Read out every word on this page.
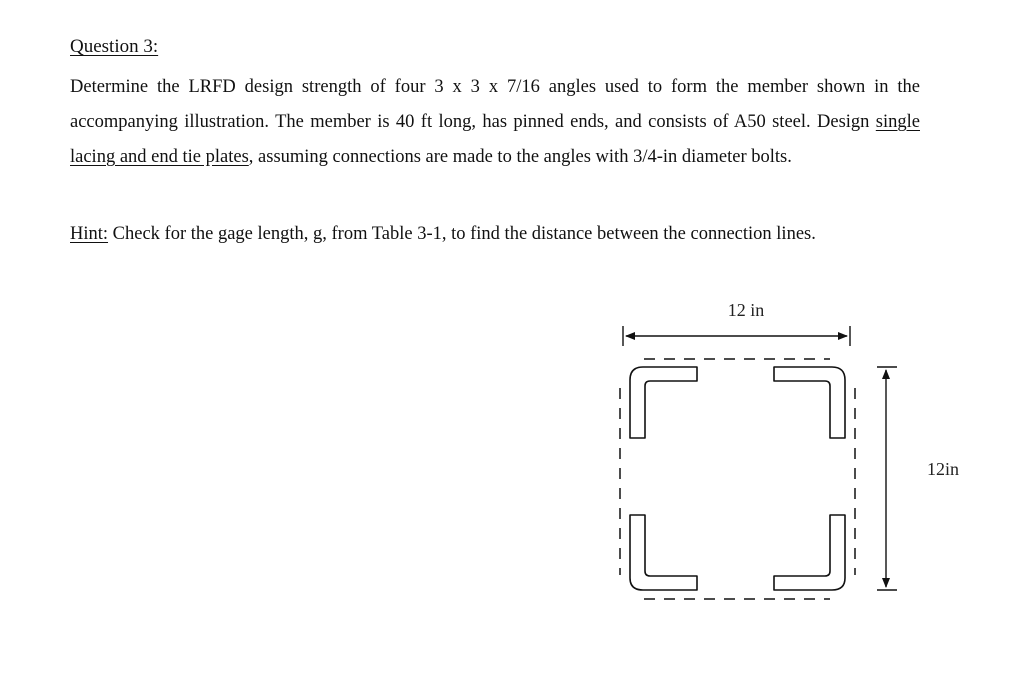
Question 3:
Determine the LRFD design strength of four 3 x 3 x 7/16 angles used to form the member shown in the accompanying illustration. The member is 40 ft long, has pinned ends, and consists of A50 steel. Design single lacing and end tie plates, assuming connections are made to the angles with 3/4-in diameter bolts.
Hint: Check for the gage length, g, from Table 3-1, to find the distance between the connection lines.
12 in
12in
